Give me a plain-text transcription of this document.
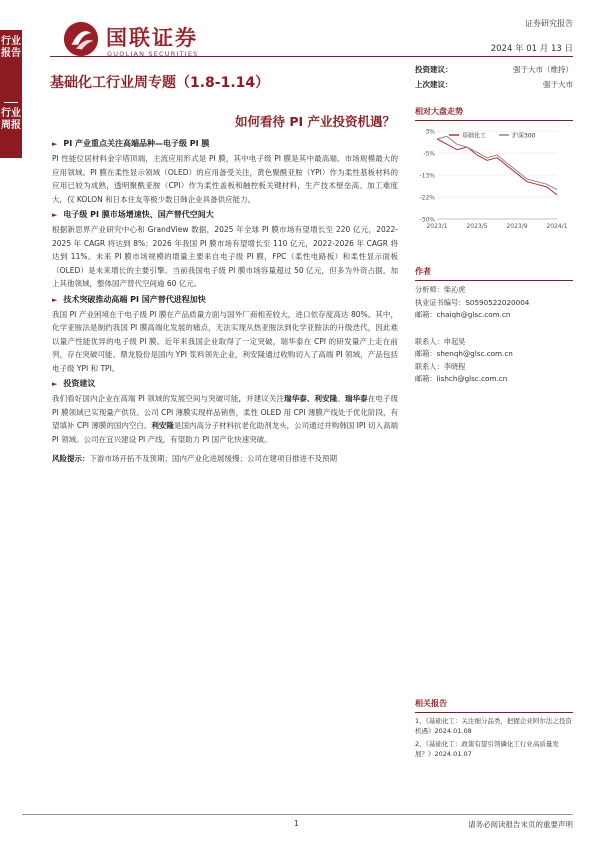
行业报告
行业周报
国联证券
GUOLIAN SECURITIES
证券研究报告
2024 年 01 月 13 日
基础化工行业周专题（1.8-1.14）
如何看待 PI 产业投资机遇？
► PI 产业重点关注高端品种—电子级 PI 膜

PI 性能位居材料金字塔顶端，主流应用形式是 PI 膜，其中电子级 PI 膜是其中最高端、市场规模最大的应用领域。PI 膜在柔性显示领域（OLED）的应用备受关注，黄色聚酰亚胺（YPI）作为柔性基板材料的应用已较为成熟，透明聚酰亚胺（CPI）作为柔性盖板和触控板关键材料，生产技术壁垒高、加工难度大，仅 KOLON 和日本住友等极少数日韩企业具备供应能力。

► 电子级 PI 膜市场增速快、国产替代空间大

根据新思界产业研究中心和 GrandView 数据，2025 年全球 PI 膜市场有望增长至 220 亿元，2022-2025 年 CAGR 将达到 8%；2026 年我国 PI 膜市场有望增长至 110 亿元，2022-2026 年 CAGR 将达到 11%。未来 PI 膜市场规模的增量主要来自电子级 PI 膜，FPC（柔性电路板）和柔性显示面板（OLED）是未来增长的主要引擎。当前我国电子级 PI 膜市场容量超过 50 亿元，但多为外资占据，加上其他领域，整体国产替代空间逾 60 亿元。

► 技术突破推动高端 PI 国产替代进程加快

我国 PI 产业困境在于电子级 PI 膜在产品质量方面与国外厂商相差较大，进口依存度高达 80%。其中，化学亚胺法是制约我国 PI 膜高端化发展的痛点，无法实现从热亚胺法到化学亚胺法的升级迭代，因此难以量产性能优异的电子级 PI 膜。近年来我国企业取得了一定突破，瑞华泰在 CPI 的研发量产上走在前列，存在突破可能。鼎龙股份是国内 YPI 浆料领先企业，利安隆通过收购切入了高端 PI 领域，产品包括电子级 YPI 和 TPI。

► 投资建议

我们看好国内企业在高端 PI 领域的发展空间与突破可能，并建议关注瑞华泰、利安隆。瑞华泰在电子级 PI 膜领域已实现量产供货。公司 CPI 薄膜实现样品销售，柔性 OLED 用 CPI 薄膜产线处于优化阶段，有望填补 CPI 薄膜的国内空白。利安隆是国内高分子材料抗老化助剂龙头，公司通过并购韩国 IPI 切入高端 PI 领域。公司在宜兴建设 PI 产线，有望助力 PI 国产化快速突破。

风险提示：下游市场开拓不及预期；国内产业化进展缓慢；公司在建项目推进不及预期

投资建议：	强于大市（维持）
上次建议：	强于大市
相对大盘走势
3%
-5%
-13%
-22%
-30%
2023/1	2023/5	2023/9	2024/1
基础化工	沪深300
作者
分析师：柴沁虎
执业证书编号：S0590522020004
邮箱：chaiqh@glsc.com.cn
联系人：申起昊
邮箱：shenqh@glsc.com.cn
联系人：李晓程
邮箱：lishch@glsc.com.cn
相关报告
1、《基础化工：关注细分品类，把握企业阿尔法之投资机遇》2024.01.08
2、《基础化工：政策有望引领磷化工行业高质量发展？》2024.01.07
1	请务必阅读报告末页的重要声明
